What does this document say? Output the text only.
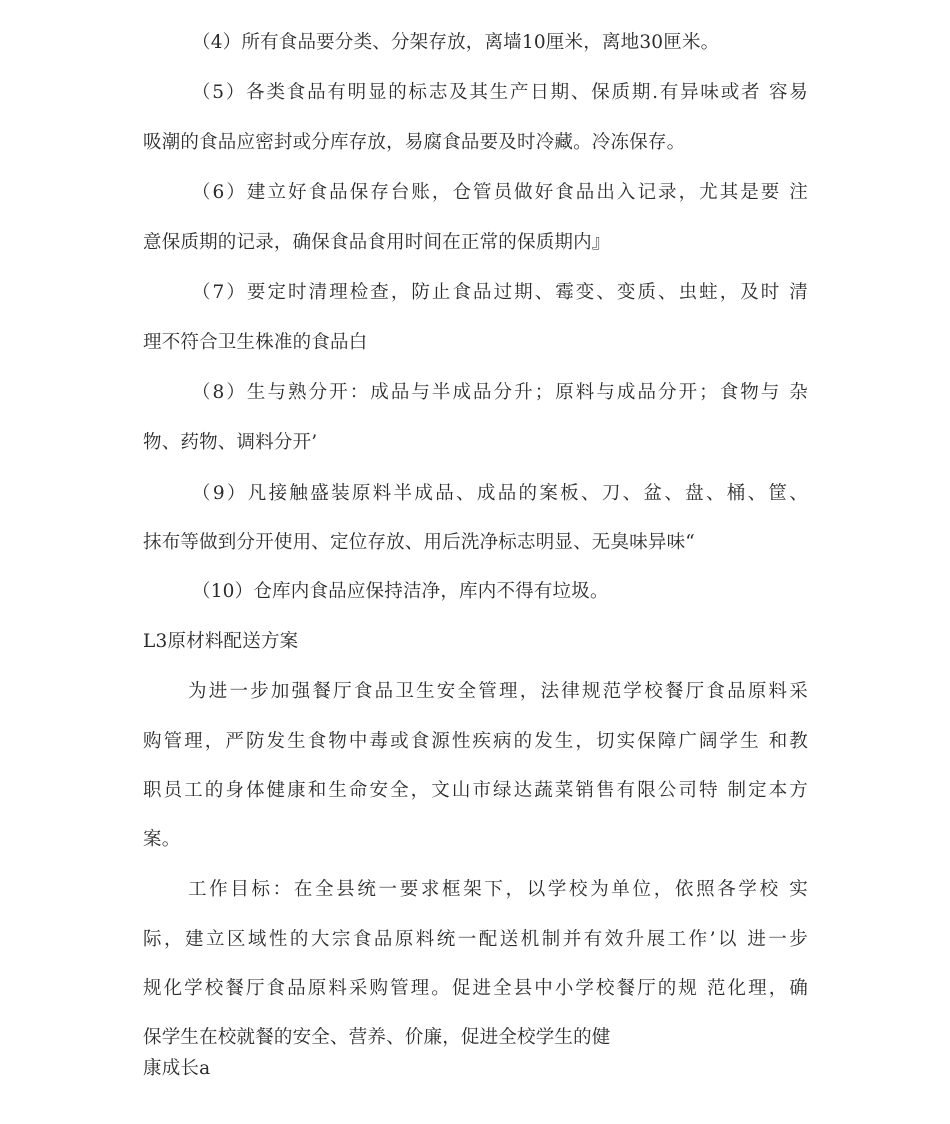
（4）所有食品要分类、分架存放，离墙10厘米，离地30匣米。
（5）各类食品有明显的标志及其生产日期、保质期.有异味或者 容易
吸潮的食品应密封或分库存放，易腐食品要及时冷藏。冷冻保存。
（6）建立好食品保存台账，仓管员做好食品出入记录，尤其是要 注
意保质期的记录，确保食品食用时间在正常的保质期内』
（7）要定时清理检查，防止食品过期、霉变、变质、虫蛀，及时 清
理不符合卫生株准的食品白
（8）生与熟分开：成品与半成品分升；原料与成品分开；食物与 杂
物、药物、调料分开’
（9）凡接触盛装原料半成品、成品的案板、刀、盆、盘、桶、筐、
抹布等做到分开使用、定位存放、用后洗净标志明显、无臭味异味“
（10）仓库内食品应保持洁净，库内不得有垃圾。
L3原材料配送方案
为进一步加强餐厅食品卫生安全管理，法律规范学校餐厅食品原料采
购管理，严防发生食物中毒或食源性疾病的发生，切实保障广阔学生 和教
职员工的身体健康和生命安全，文山市绿达蔬菜销售有限公司特 制定本方
案。
工作目标：在全县统一要求框架下，以学校为单位，依照各学校 实
际，建立区域性的大宗食品原料统一配送机制并有效升展工作’以 进一步
规化学校餐厅食品原料采购管理。促进全县中小学校餐厅的规 范化理，确
保学生在校就餐的安全、营养、价廉，促进全校学生的健
康成长a
